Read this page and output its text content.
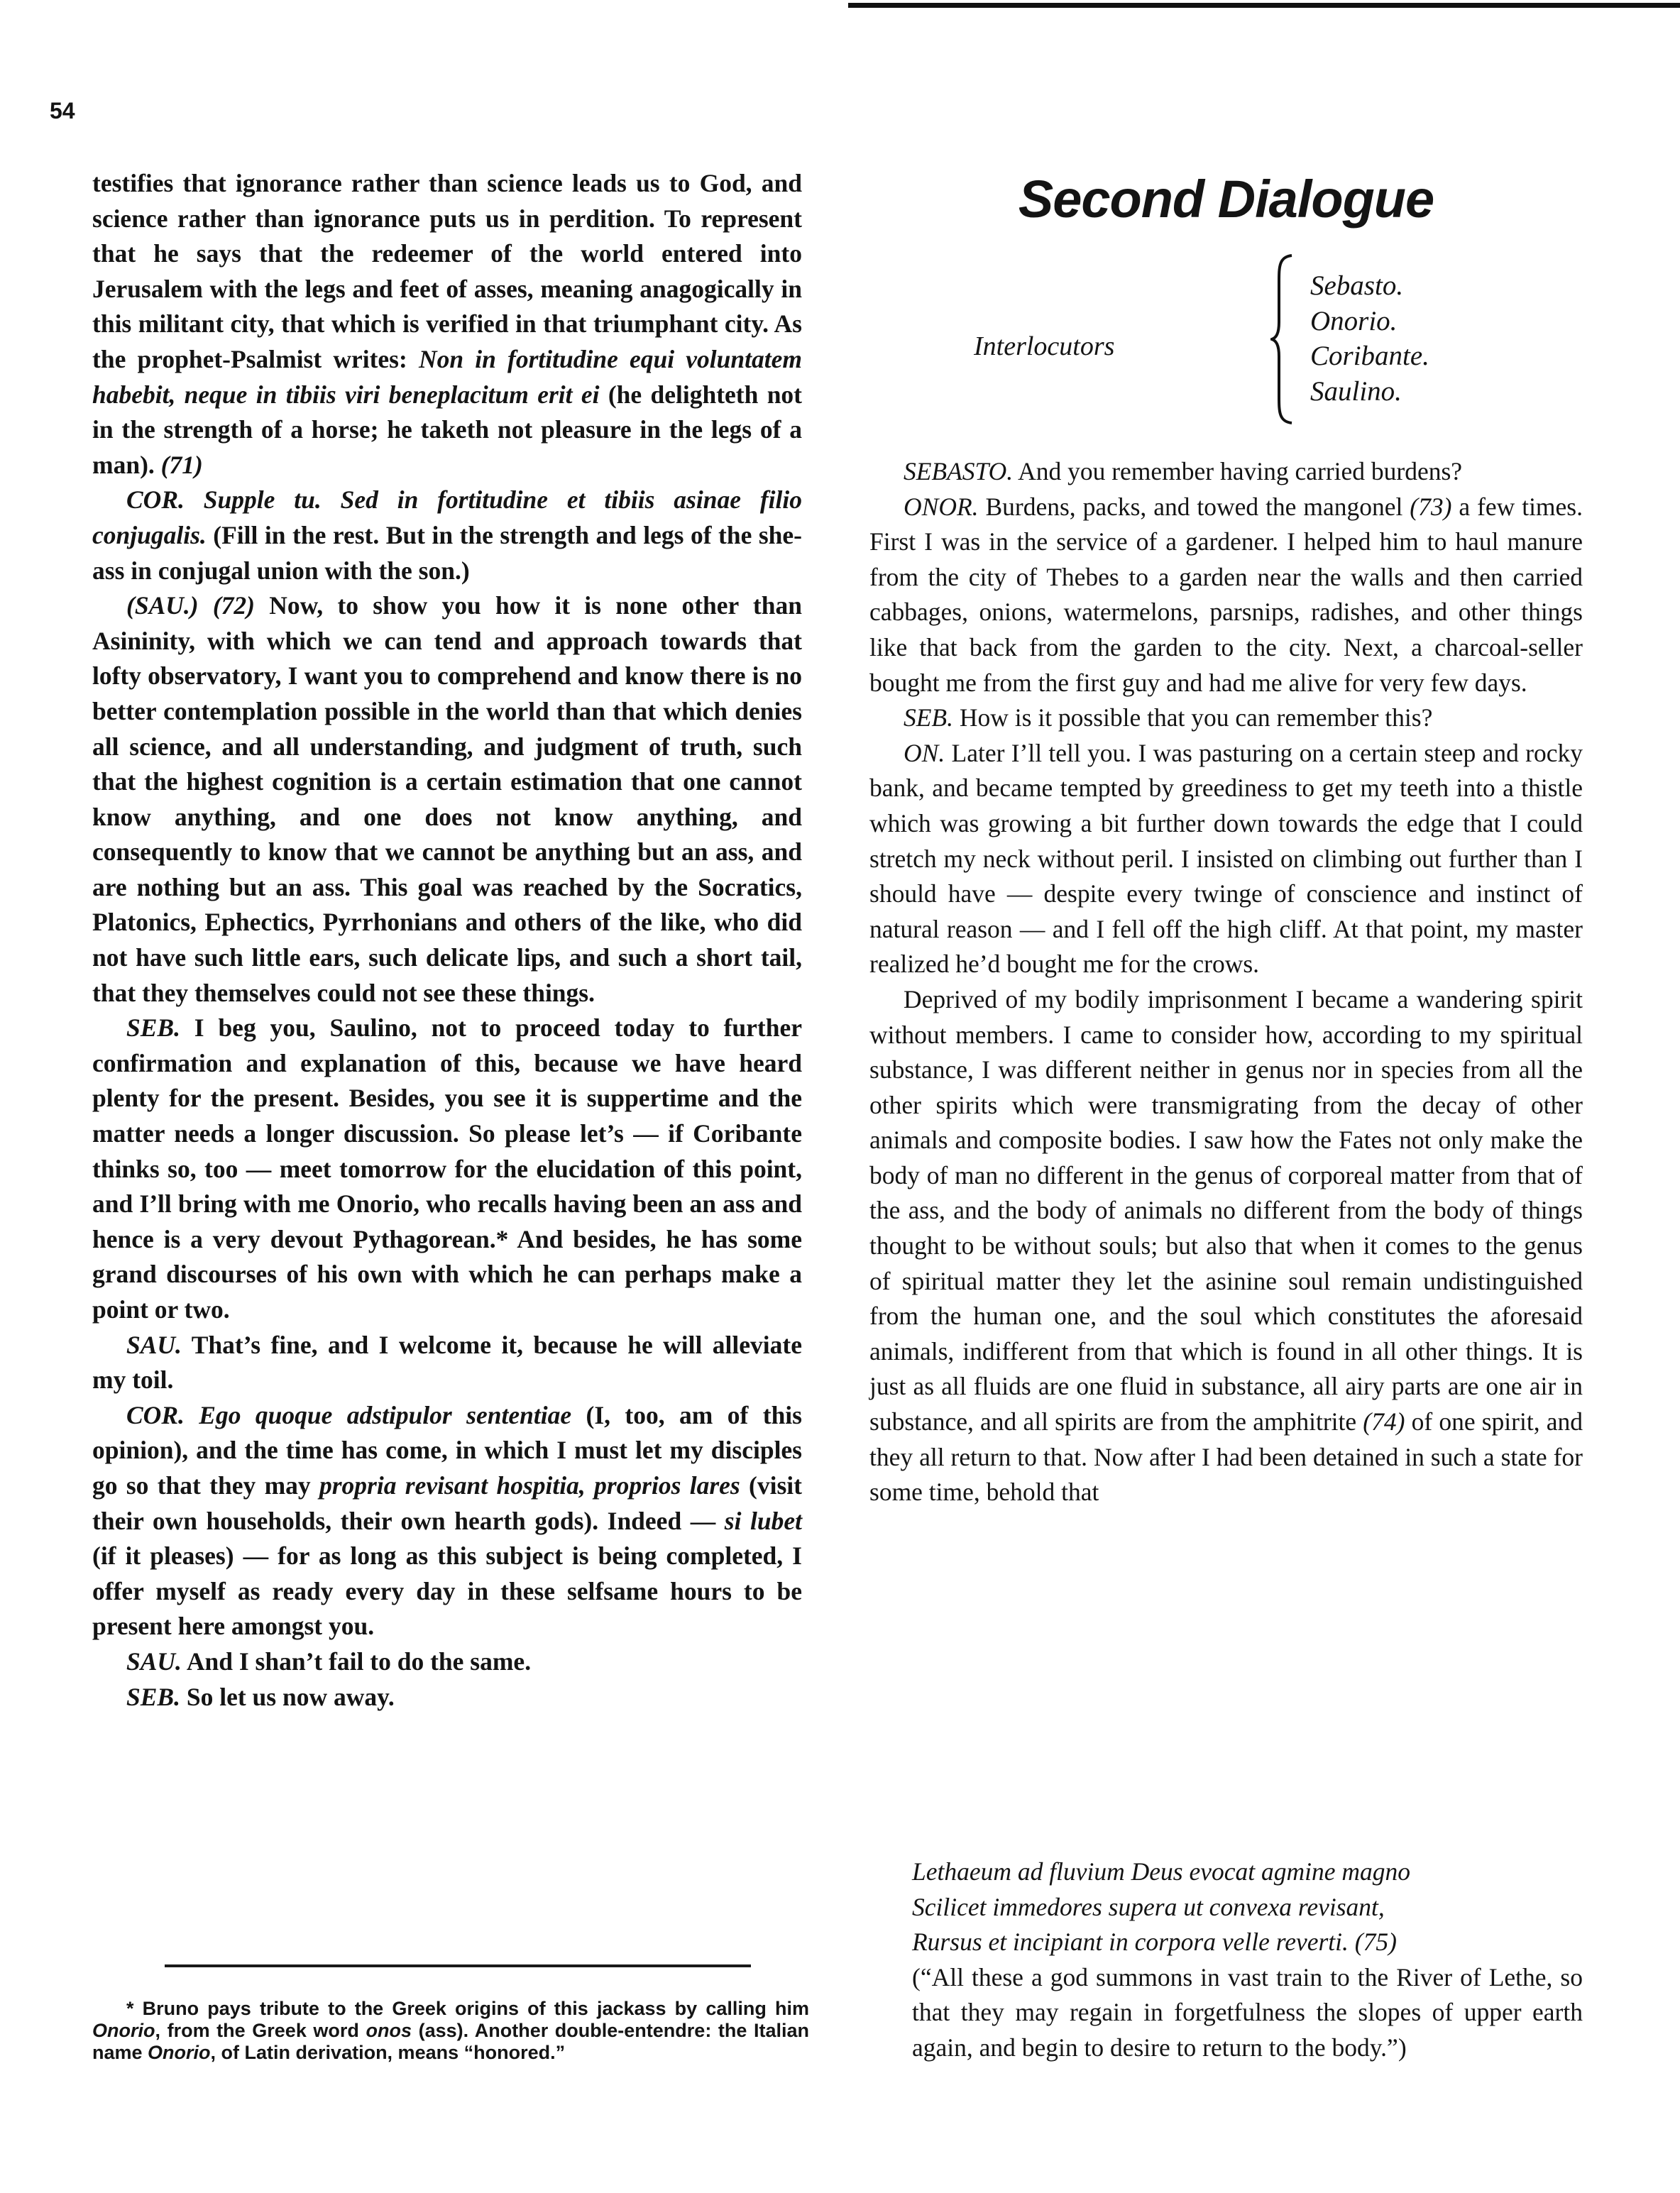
54

testifies that ignorance rather than science leads us to God, and science rather than ignorance puts us in perdition. To represent that he says that the redeemer of the world entered into Jerusalem with the legs and feet of asses, meaning anagogically in this militant city, that which is verified in that triumphant city. As the prophet-Psalmist writes: Non in fortitudine equi voluntatem habebit, neque in tibiis viri beneplacitum erit ei (he delighteth not in the strength of a horse; he taketh not pleasure in the legs of a man). (71)

COR. Supple tu. Sed in fortitudine et tibiis asinae filio conjugalis. (Fill in the rest. But in the strength and legs of the she-ass in conjugal union with the son.)

(SAU.) (72) Now, to show you how it is none other than Asininity, with which we can tend and approach towards that lofty observatory, I want you to comprehend and know there is no better contemplation possible in the world than that which denies all science, and all understanding, and judgment of truth, such that the highest cognition is a certain estimation that one cannot know anything, and one does not know anything, and consequently to know that we cannot be anything but an ass, and are nothing but an ass. This goal was reached by the Socratics, Platonics, Ephectics, Pyrrhonians and others of the like, who did not have such little ears, such delicate lips, and such a short tail, that they themselves could not see these things.

SEB. I beg you, Saulino, not to proceed today to further confirmation and explanation of this, because we have heard plenty for the present. Besides, you see it is suppertime and the matter needs a longer discussion. So please let’s — if Coribante thinks so, too — meet tomorrow for the elucidation of this point, and I’ll bring with me Onorio, who recalls having been an ass and hence is a very devout Pythagorean.* And besides, he has some grand discourses of his own with which he can perhaps make a point or two.

SAU. That’s fine, and I welcome it, because he will alleviate my toil.

COR. Ego quoque adstipulor sententiae (I, too, am of this opinion), and the time has come, in which I must let my disciples go so that they may propria revisant hospitia, proprios lares (visit their own households, their own hearth gods). Indeed — si lubet (if it pleases) — for as long as this subject is being completed, I offer myself as ready every day in these selfsame hours to be present here amongst you.

SAU. And I shan’t fail to do the same.

SEB. So let us now away.

* Bruno pays tribute to the Greek origins of this jackass by calling him Onorio, from the Greek word onos (ass). Another double-entendre: the Italian name Onorio, of Latin derivation, means “honored.”

Second Dialogue
Interlocutors
Sebasto.
Onorio.
Coribante.
Saulino.

SEBASTO. And you remember having carried burdens?

ONOR. Burdens, packs, and towed the mangonel (73) a few times. First I was in the service of a gardener. I helped him to haul manure from the city of Thebes to a garden near the walls and then carried cabbages, onions, watermelons, parsnips, radishes, and other things like that back from the garden to the city. Next, a charcoal-seller bought me from the first guy and had me alive for very few days.

SEB. How is it possible that you can remember this?

ON. Later I’ll tell you. I was pasturing on a certain steep and rocky bank, and became tempted by greediness to get my teeth into a thistle which was growing a bit further down towards the edge that I could stretch my neck without peril. I insisted on climbing out further than I should have — despite every twinge of conscience and instinct of natural reason — and I fell off the high cliff. At that point, my master realized he’d bought me for the crows.

Deprived of my bodily imprisonment I became a wandering spirit without members. I came to consider how, according to my spiritual substance, I was different neither in genus nor in species from all the other spirits which were transmigrating from the decay of other animals and composite bodies. I saw how the Fates not only make the body of man no different in the genus of corporeal matter from that of the ass, and the body of animals no different from the body of things thought to be without souls; but also that when it comes to the genus of spiritual matter they let the asinine soul remain undistinguished from the human one, and the soul which constitutes the aforesaid animals, indifferent from that which is found in all other things. It is just as all fluids are one fluid in substance, all airy parts are one air in substance, and all spirits are from the amphitrite (74) of one spirit, and they all return to that. Now after I had been detained in such a state for some time, behold that

Lethaeum ad fluvium Deus evocat agmine magno
Scilicet immedores supera ut convexa revisant,
Rursus et incipiant in corpora velle reverti. (75)
(“All these a god summons in vast train to the River of Lethe, so that they may regain in forgetfulness the slopes of upper earth again, and begin to desire to return to the body.”)
